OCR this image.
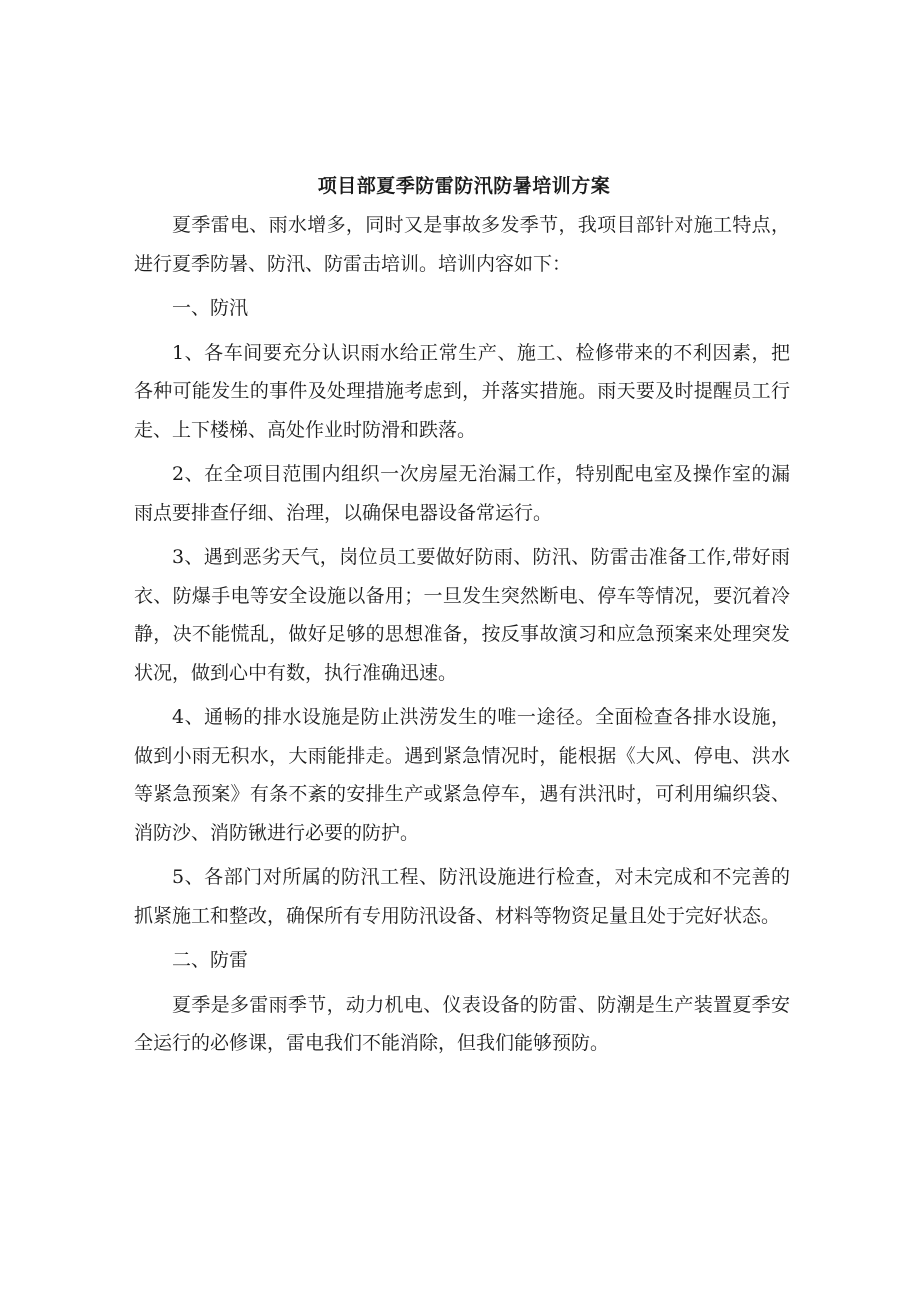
项目部夏季防雷防汛防暑培训方案

夏季雷电、雨水增多，同时又是事故多发季节，我项目部针对施工特点，进行夏季防暑、防汛、防雷击培训。培训内容如下：

一、防汛

1、各车间要充分认识雨水给正常生产、施工、检修带来的不利因素，把各种可能发生的事件及处理措施考虑到，并落实措施。雨天要及时提醒员工行走、上下楼梯、高处作业时防滑和跌落。

2、在全项目范围内组织一次房屋无治漏工作，特别配电室及操作室的漏雨点要排查仔细、治理，以确保电器设备常运行。

3、遇到恶劣天气，岗位员工要做好防雨、防汛、防雷击准备工作,带好雨衣、防爆手电等安全设施以备用；一旦发生突然断电、停车等情况，要沉着冷静，决不能慌乱，做好足够的思想准备，按反事故演习和应急预案来处理突发状况，做到心中有数，执行准确迅速。

4、通畅的排水设施是防止洪涝发生的唯一途径。全面检查各排水设施，做到小雨无积水，大雨能排走。遇到紧急情况时，能根据《大风、停电、洪水等紧急预案》有条不紊的安排生产或紧急停车，遇有洪汛时，可利用编织袋、消防沙、消防锹进行必要的防护。

5、各部门对所属的防汛工程、防汛设施进行检查，对未完成和不完善的抓紧施工和整改，确保所有专用防汛设备、材料等物资足量且处于完好状态。

二、防雷

夏季是多雷雨季节，动力机电、仪表设备的防雷、防潮是生产装置夏季安全运行的必修课，雷电我们不能消除，但我们能够预防。
